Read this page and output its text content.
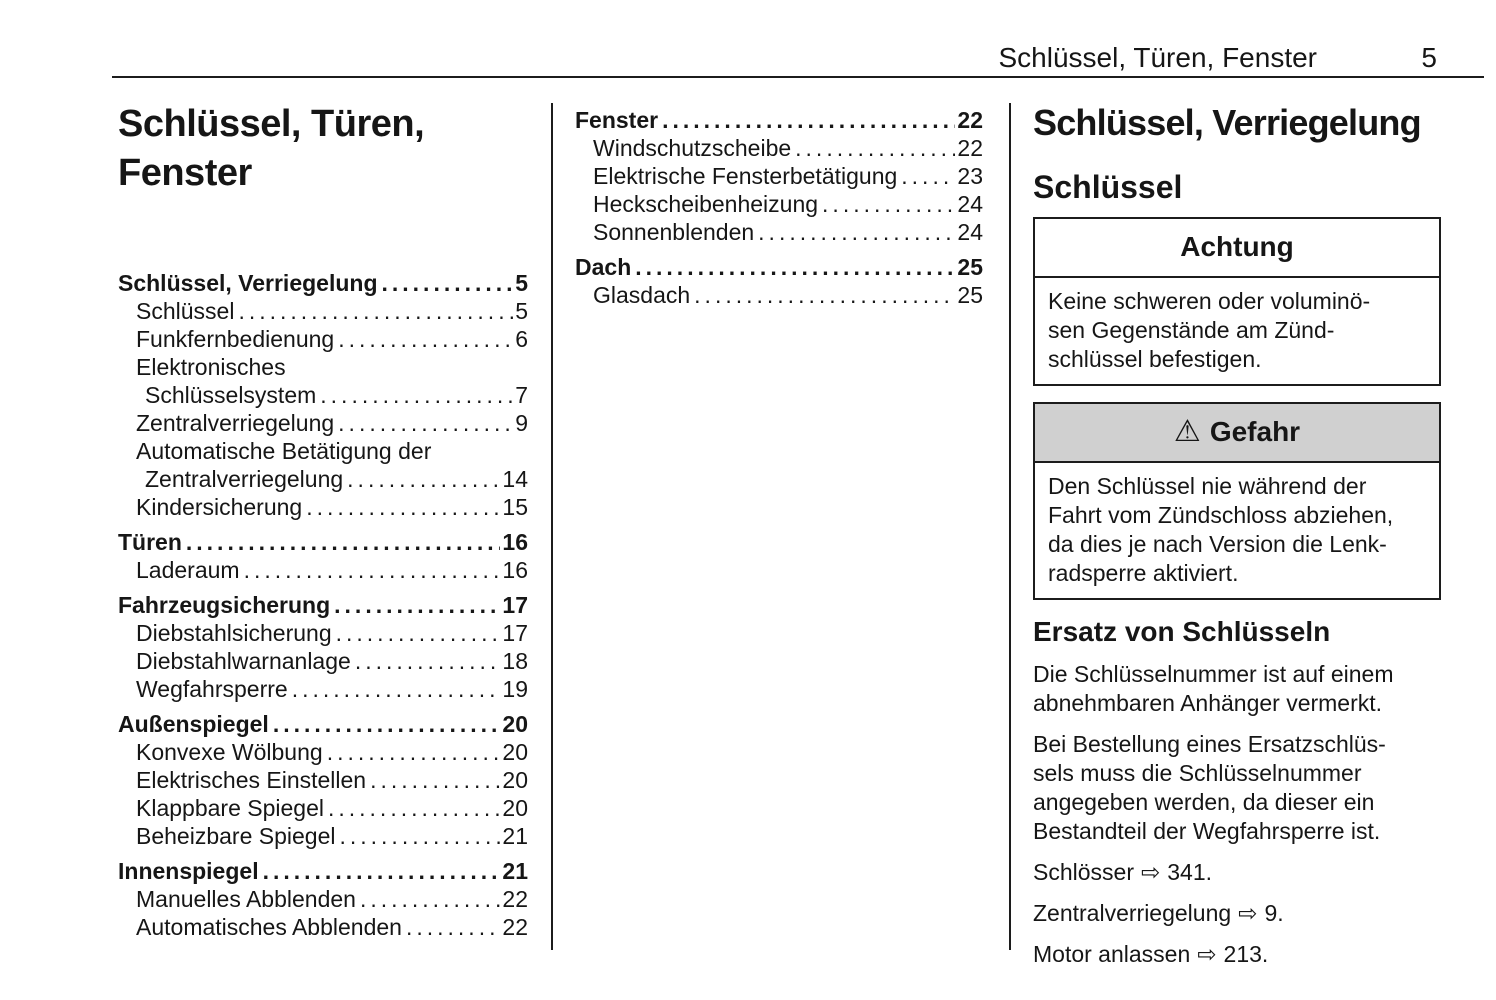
Schlüssel, Türen, Fenster	5
Schlüssel, Türen,
Fenster
Schlüssel, Verriegelung .....	5
Schlüssel .....	5
Funkfernbedienung .....	6
Elektronisches
Schlüsselsystem .....	7
Zentralverriegelung .....	9
Automatische Betätigung der
Zentralverriegelung .....	14
Kindersicherung .....	15
Türen .....	16
Laderaum .....	16
Fahrzeugsicherung .....	17
Diebstahlsicherung .....	17
Diebstahlwarnanlage .....	18
Wegfahrsperre .....	19
Außenspiegel .....	20
Konvexe Wölbung .....	20
Elektrisches Einstellen .....	20
Klappbare Spiegel .....	20
Beheizbare Spiegel .....	21
Innenspiegel .....	21
Manuelles Abblenden .....	22
Automatisches Abblenden .....	22
Fenster .....	22
Windschutzscheibe .....	22
Elektrische Fensterbetätigung .....	23
Heckscheibenheizung .....	24
Sonnenblenden .....	24
Dach .....	25
Glasdach .....	25
Schlüssel, Verriegelung
Schlüssel
Achtung
Keine schweren oder voluminö-
sen Gegenstände am Zünd-
schlüssel befestigen.
⚠ Gefahr
Den Schlüssel nie während der
Fahrt vom Zündschloss abziehen,
da dies je nach Version die Lenk-
radsperre aktiviert.
Ersatz von Schlüsseln
Die Schlüsselnummer ist auf einem
abnehmbaren Anhänger vermerkt.
Bei Bestellung eines Ersatzschlüs-
sels muss die Schlüsselnummer
angegeben werden, da dieser ein
Bestandteil der Wegfahrsperre ist.
Schlösser ⇨ 341.
Zentralverriegelung ⇨ 9.
Motor anlassen ⇨ 213.
